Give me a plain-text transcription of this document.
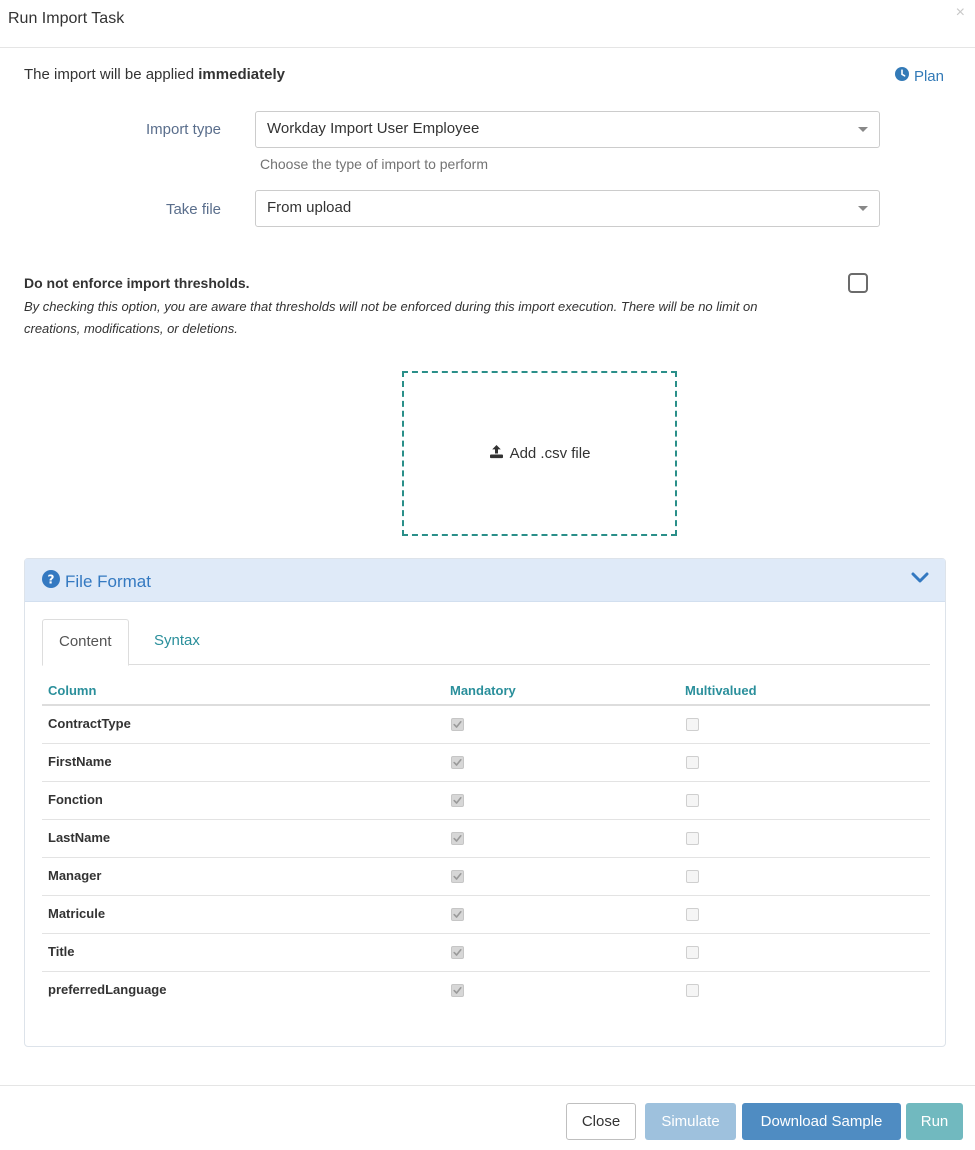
Run Import Task	×
The import will be applied immediately	Plan
Import type	Workday Import User Employee
Choose the type of import to perform
Take file	From upload
Do not enforce import thresholds.
By checking this option, you are aware that thresholds will not be enforced during this import execution. There will be no limit on creations, modifications, or deletions.
Add .csv file
? File Format
Content	Syntax
Column	Mandatory	Multivalued
ContractType
FirstName
Fonction
LastName
Manager
Matricule
Title
preferredLanguage
Close	Simulate	Download Sample	Run
